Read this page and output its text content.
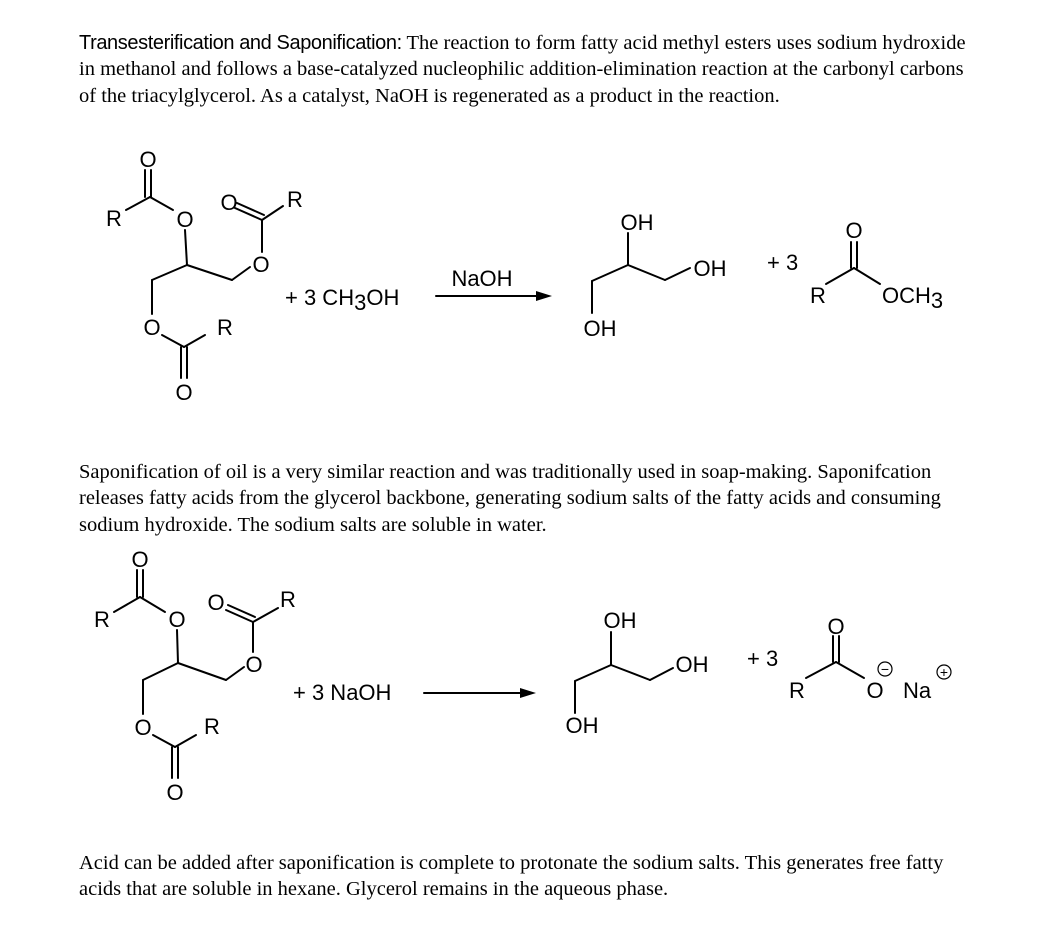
Transesterification and Saponification: The reaction to form fatty acid methyl esters uses sodium hydroxide in methanol and follows a base-catalyzed nucleophilic addition-elimination reaction at the carbonyl carbons of the triacylglycerol. As a catalyst, NaOH is regenerated as a product in the reaction.

O
R O
O R
O
O	R
O
+ 3 CH3OH
NaOH
OH
OH
OH
+ 3
O
R	OCH3

Saponification of oil is a very similar reaction and was traditionally used in soap-making. Saponifcation releases fatty acids from the glycerol backbone, generating sodium salts of the fatty acids and consuming sodium hydroxide. The sodium salts are soluble in water.

O
R	O
O	R
O
O R
O
+ 3 NaOH
OH
OH
OH
+ 3
O
R	O
−
Na
+

Acid can be added after saponification is complete to protonate the sodium salts. This generates free fatty acids that are soluble in hexane. Glycerol remains in the aqueous phase.
